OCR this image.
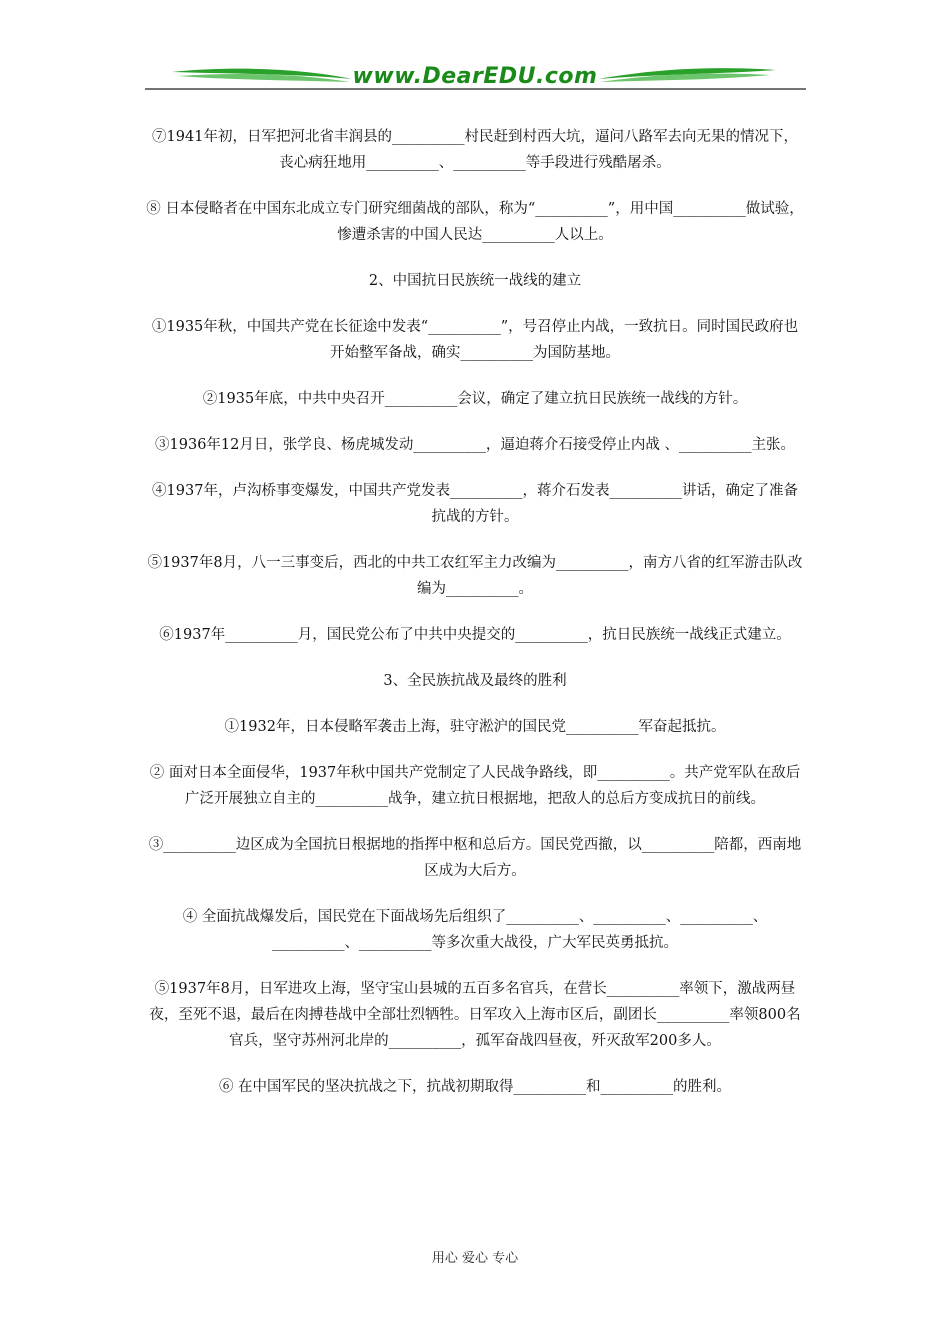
www.DearEDU.com

⑦1941年初，日军把河北省丰润县的__________村民赶到村西大坑，逼问八路军去向无果的情况下，丧心病狂地用__________、__________等手段进行残酷屠杀。

⑧ 日本侵略者在中国东北成立专门研究细菌战的部队，称为“__________”，用中国__________做试验，惨遭杀害的中国人民达__________人以上。

2、中国抗日民族统一战线的建立

①1935年秋，中国共产党在长征途中发表“__________”，号召停止内战，一致抗日。同时国民政府也开始整军备战，确实__________为国防基地。

②1935年底，中共中央召开__________会议，确定了建立抗日民族统一战线的方针。

③1936年12月日，张学良、杨虎城发动__________，逼迫蒋介石接受停止内战 、__________主张。

④1937年，卢沟桥事变爆发，中国共产党发表__________，蒋介石发表__________讲话，确定了准备抗战的方针。

⑤1937年8月，八一三事变后，西北的中共工农红军主力改编为__________，南方八省的红军游击队改编为__________。

⑥1937年__________月，国民党公布了中共中央提交的__________，抗日民族统一战线正式建立。

3、全民族抗战及最终的胜利

①1932年，日本侵略军袭击上海，驻守淞沪的国民党__________军奋起抵抗。

② 面对日本全面侵华，1937年秋中国共产党制定了人民战争路线，即__________。共产党军队在敌后广泛开展独立自主的__________战争，建立抗日根据地，把敌人的总后方变成抗日的前线。

③__________边区成为全国抗日根据地的指挥中枢和总后方。国民党西撤，以__________陪都，西南地区成为大后方。

④ 全面抗战爆发后，国民党在下面战场先后组织了__________、__________、__________、__________、__________等多次重大战役，广大军民英勇抵抗。

⑤1937年8月，日军进攻上海，坚守宝山县城的五百多名官兵，在营长__________率领下，激战两昼夜，至死不退，最后在肉搏巷战中全部壮烈牺牲。日军攻入上海市区后，副团长__________率领800名官兵，坚守苏州河北岸的__________，孤军奋战四昼夜，歼灭敌军200多人。

⑥ 在中国军民的坚决抗战之下，抗战初期取得__________和__________的胜利。

用心 爱心 专心
